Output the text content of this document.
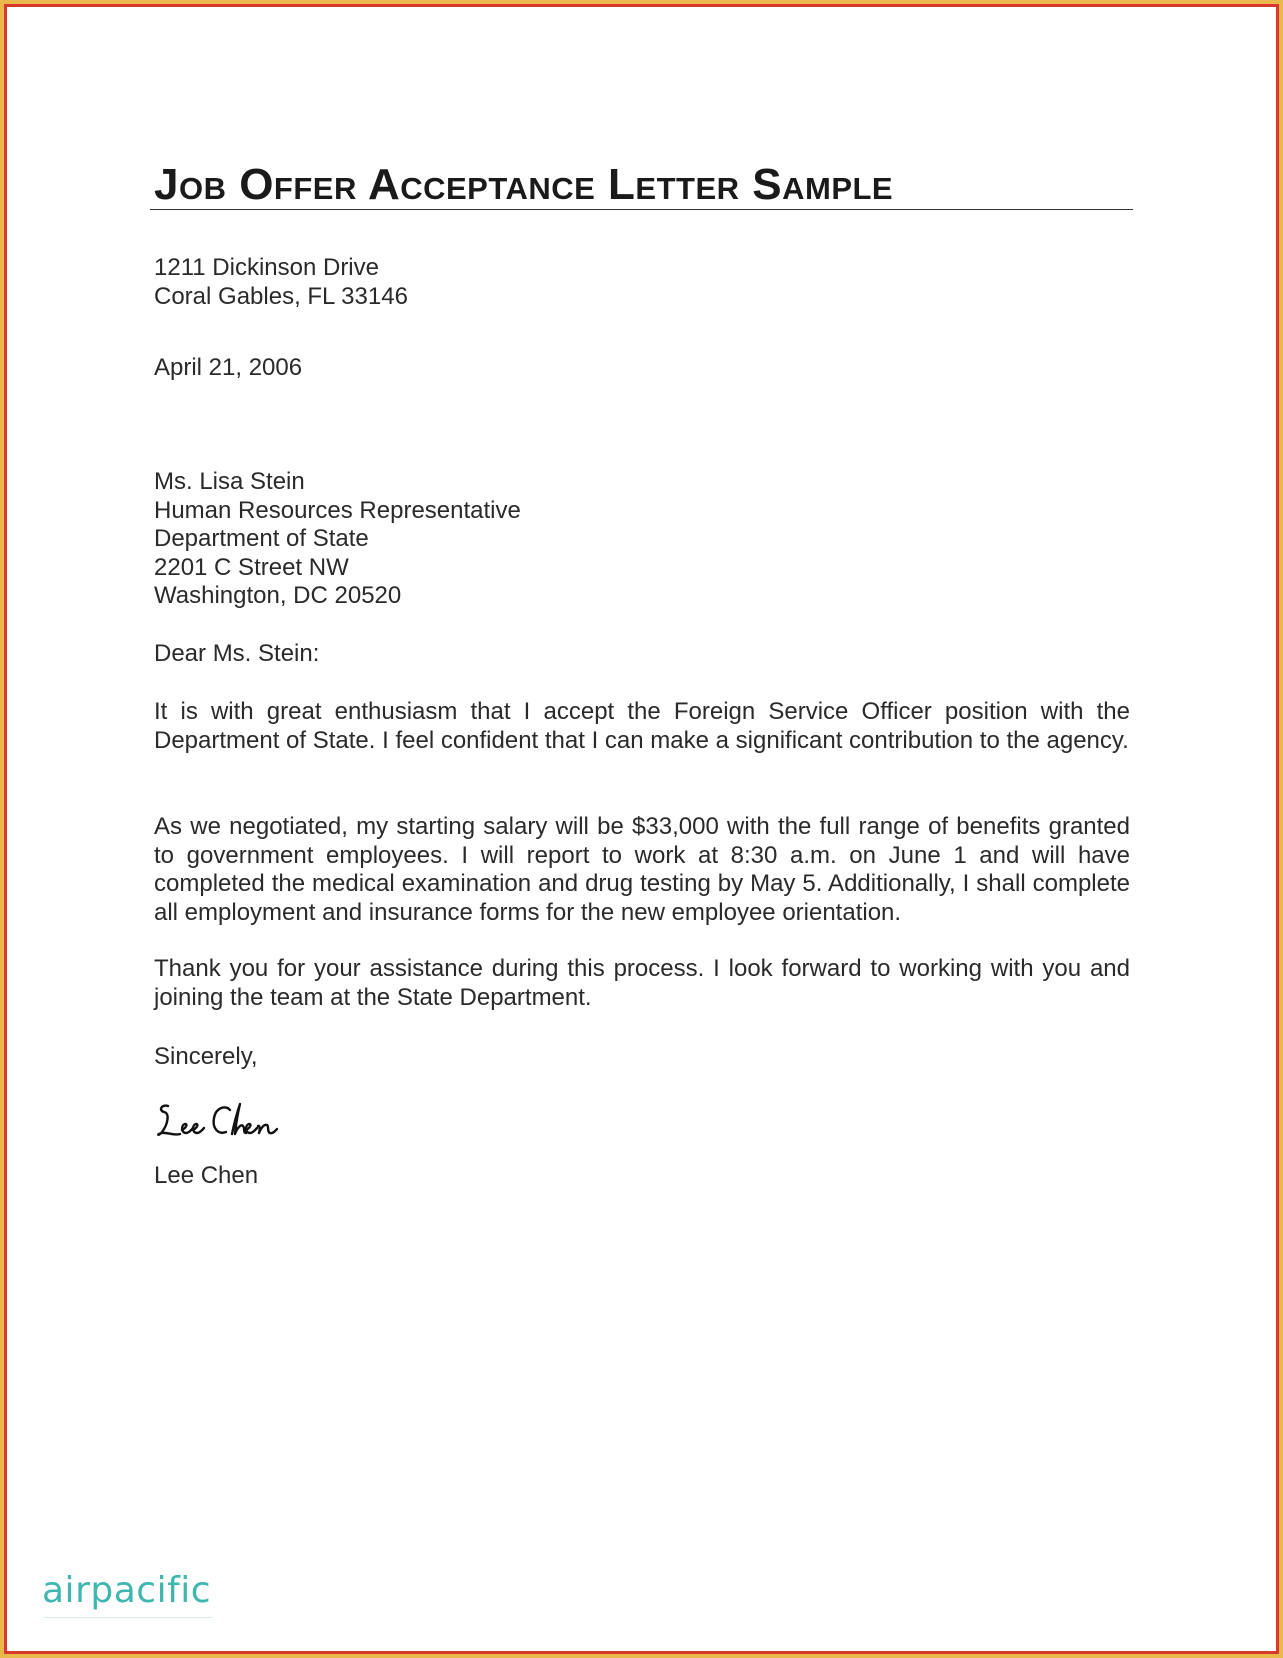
Job Offer Acceptance Letter Sample
1211 Dickinson Drive
Coral Gables, FL 33146
April 21, 2006
Ms. Lisa Stein
Human Resources Representative
Department of State
2201 C Street NW
Washington, DC 20520
Dear Ms. Stein:
It is with great enthusiasm that I accept the Foreign Service Officer position with the Department of State. I feel confident that I can make a significant contribution to the agency.
As we negotiated, my starting salary will be $33,000 with the full range of benefits granted to government employees. I will report to work at 8:30 a.m. on June 1 and will have completed the medical examination and drug testing by May 5. Additionally, I shall complete all employment and insurance forms for the new employee orientation.
Thank you for your assistance during this process. I look forward to working with you and joining the team at the State Department.
Sincerely,
Lee Chen
airpacific
